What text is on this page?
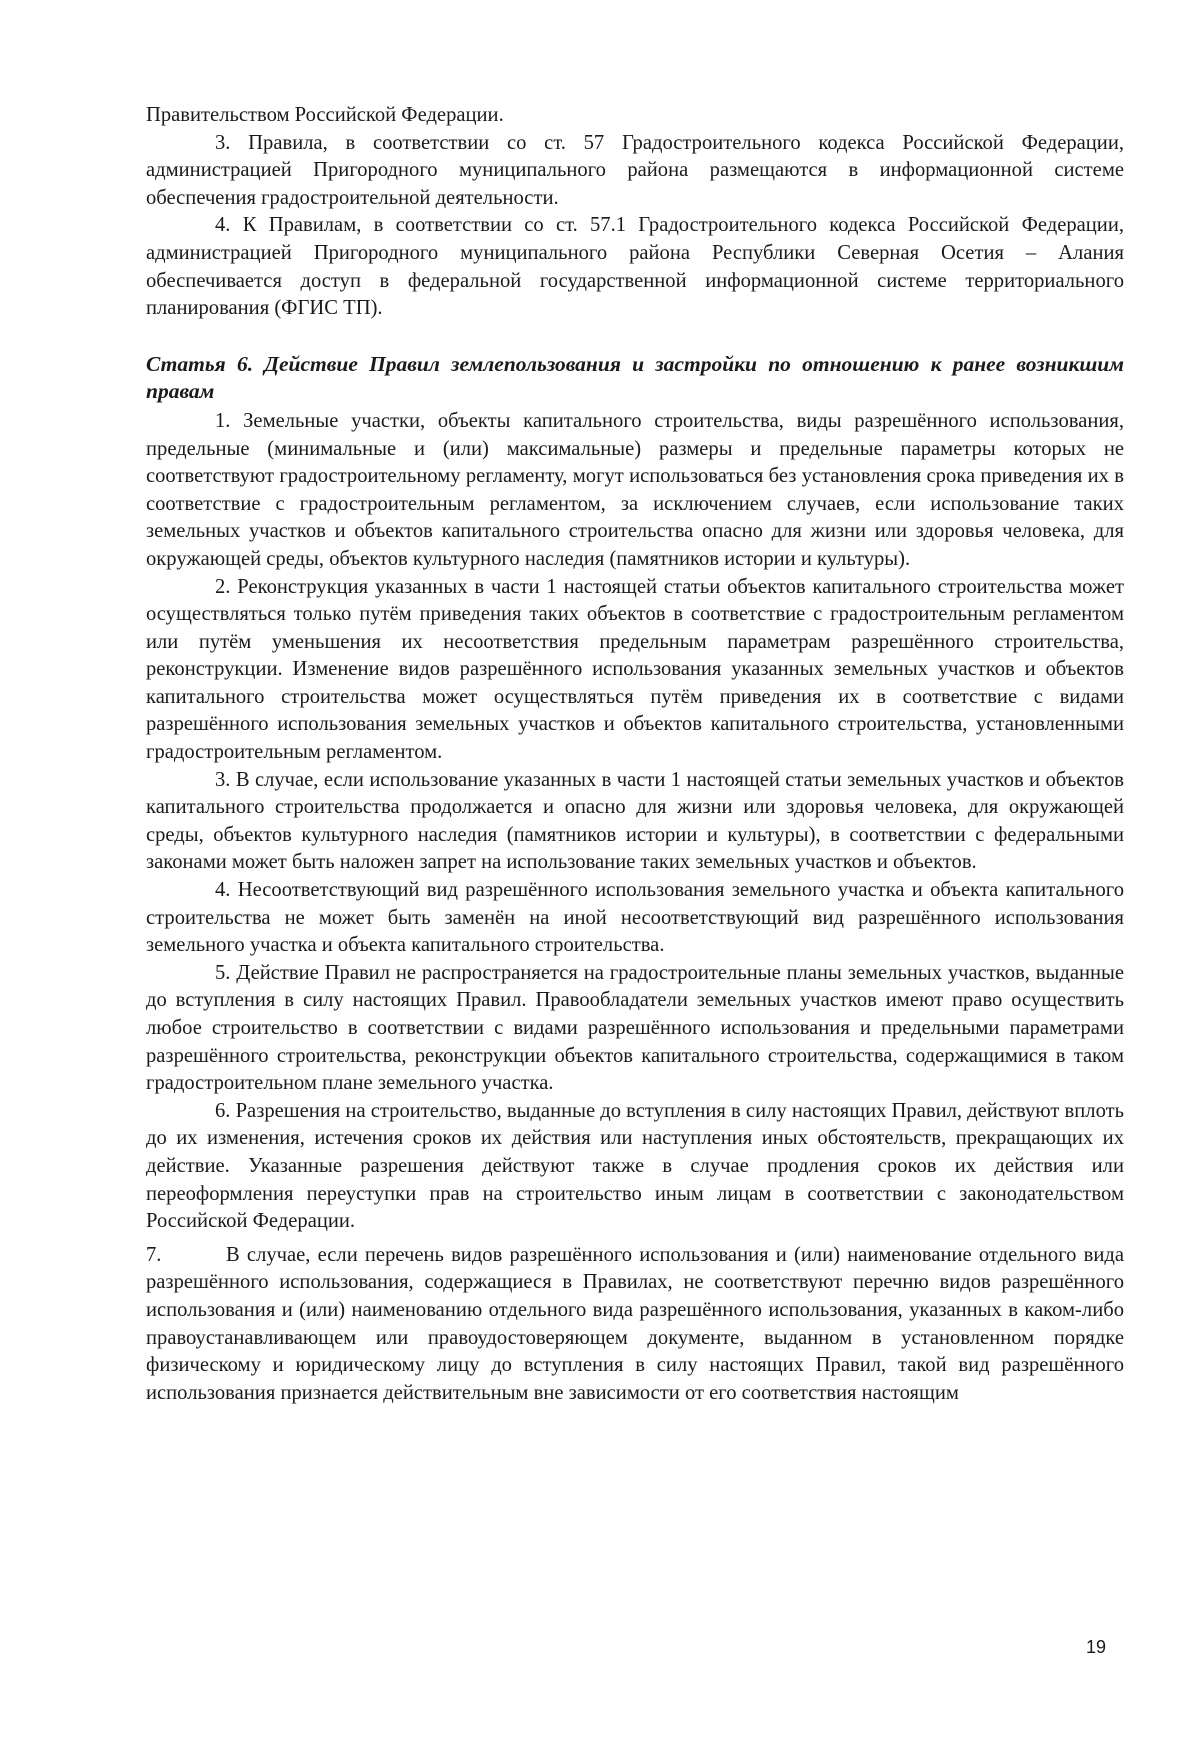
Правительством Российской Федерации.

3. Правила, в соответствии со ст. 57 Градостроительного кодекса Российской Федерации, администрацией Пригородного муниципального района размещаются в информационной системе обеспечения градостроительной деятельности.

4. К Правилам, в соответствии со ст. 57.1 Градостроительного кодекса Российской Федерации, администрацией Пригородного муниципального района Республики Северная Осетия – Алания обеспечивается доступ в федеральной государственной информационной системе территориального планирования (ФГИС ТП).

Статья 6. Действие Правил землепользования и застройки по отношению к ранее возникшим правам

1. Земельные участки, объекты капитального строительства, виды разрешённого использования, предельные (минимальные и (или) максимальные) размеры и предельные параметры которых не соответствуют градостроительному регламенту, могут использоваться без установления срока приведения их в соответствие с градостроительным регламентом, за исключением случаев, если использование таких земельных участков и объектов капитального строительства опасно для жизни или здоровья человека, для окружающей среды, объектов культурного наследия (памятников истории и культуры).

2. Реконструкция указанных в части 1 настоящей статьи объектов капитального строительства может осуществляться только путём приведения таких объектов в соответствие с градостроительным регламентом или путём уменьшения их несоответствия предельным параметрам разрешённого строительства, реконструкции. Изменение видов разрешённого использования указанных земельных участков и объектов капитального строительства может осуществляться путём приведения их в соответствие с видами разрешённого использования земельных участков и объектов капитального строительства, установленными градостроительным регламентом.

3. В случае, если использование указанных в части 1 настоящей статьи земельных участков и объектов капитального строительства продолжается и опасно для жизни или здоровья человека, для окружающей среды, объектов культурного наследия (памятников истории и культуры), в соответствии с федеральными законами может быть наложен запрет на использование таких земельных участков и объектов.

4. Несоответствующий вид разрешённого использования земельного участка и объекта капитального строительства не может быть заменён на иной несоответствующий вид разрешённого использования земельного участка и объекта капитального строительства.

5. Действие Правил не распространяется на градостроительные планы земельных участков, выданные до вступления в силу настоящих Правил. Правообладатели земельных участков имеют право осуществить любое строительство в соответствии с видами разрешённого использования и предельными параметрами разрешённого строительства, реконструкции объектов капитального строительства, содержащимися в таком градостроительном плане земельного участка.

6. Разрешения на строительство, выданные до вступления в силу настоящих Правил, действуют вплоть до их изменения, истечения сроков их действия или наступления иных обстоятельств, прекращающих их действие. Указанные разрешения действуют также в случае продления сроков их действия или переоформления переуступки прав на строительство иным лицам в соответствии с законодательством Российской Федерации.

7.	В случае, если перечень видов разрешённого использования и (или) наименование отдельного вида разрешённого использования, содержащиеся в Правилах, не соответствуют перечню видов разрешённого использования и (или) наименованию отдельного вида разрешённого использования, указанных в каком-либо правоустанавливающем или правоудостоверяющем документе, выданном в установленном порядке физическому и юридическому лицу до вступления в силу настоящих Правил, такой вид разрешённого использования признается действительным вне зависимости от его соответствия настоящим

19
